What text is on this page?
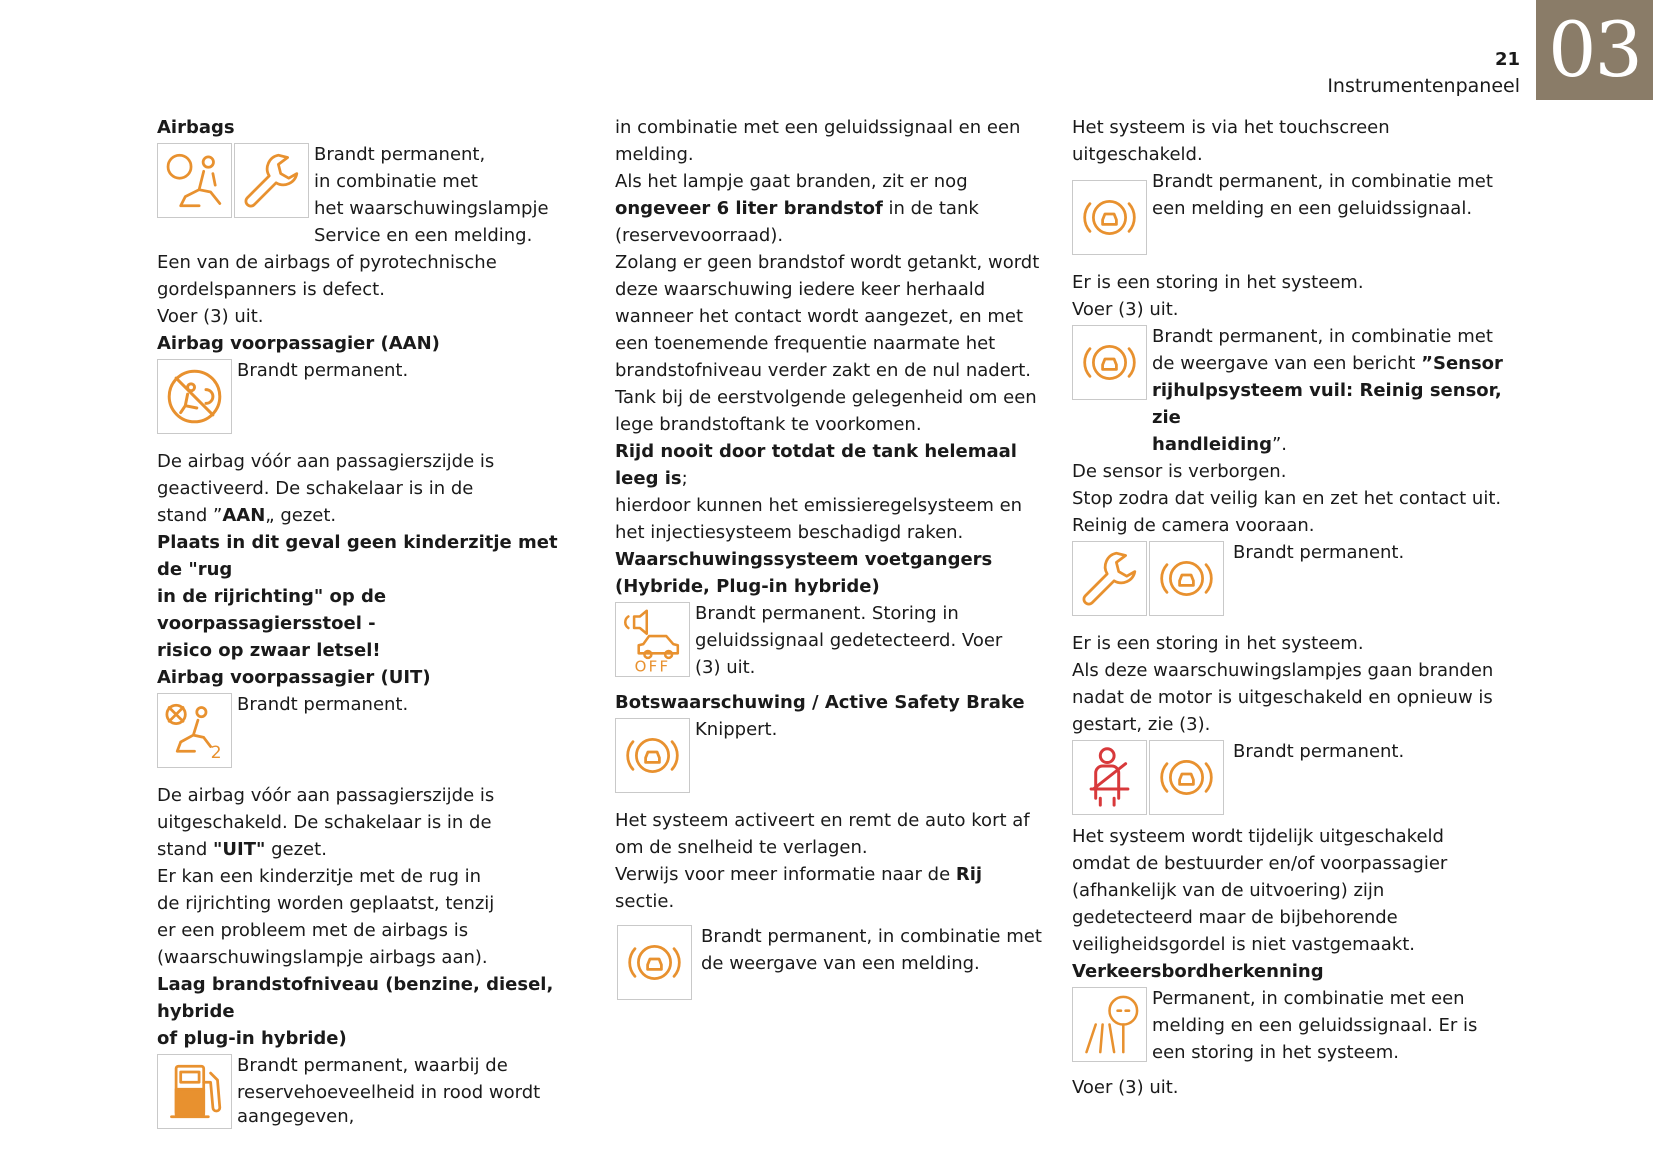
03
21
Instrumentenpaneel

Airbags

Brandt permanent,
in combinatie met
het waarschuwingslampje
Service en een melding.

Een van de airbags of pyrotechnische

gordelspanners is defect.

Voer (3) uit.

Airbag voorpassagier (AAN)

Brandt permanent.

De airbag vóór aan passagierszijde is

geactiveerd. De schakelaar is in de

stand ”AAN„ gezet.

Plaats in dit geval geen kinderzitje met de "rug

in de rijrichting" op de voorpassagiersstoel -

risico op zwaar letsel!

Airbag voorpassagier (UIT)

2
Brandt permanent.

De airbag vóór aan passagierszijde is

uitgeschakeld. De schakelaar is in de

stand "UIT" gezet.

Er kan een kinderzitje met de rug in

de rijrichting worden geplaatst, tenzij

er een probleem met de airbags is

(waarschuwingslampje airbags aan).

Laag brandstofniveau (benzine, diesel, hybride

of plug-in hybride)

Brandt permanent, waarbij de
reservehoeveelheid in rood wordt
aangegeven,

in combinatie met een geluidssignaal en een

melding.

Als het lampje gaat branden, zit er nog

ongeveer 6 liter brandstof in de tank

(reservevoorraad).

Zolang er geen brandstof wordt getankt, wordt

deze waarschuwing iedere keer herhaald

wanneer het contact wordt aangezet, en met

een toenemende frequentie naarmate het

brandstofniveau verder zakt en de nul nadert.

Tank bij de eerstvolgende gelegenheid om een

lege brandstoftank te voorkomen.

Rijd nooit door totdat de tank helemaal leeg is;

hierdoor kunnen het emissieregelsysteem en

het injectiesysteem beschadigd raken.

Waarschuwingssysteem voetgangers

(Hybride, Plug-in hybride)

OFF
Brandt permanent. Storing in
geluidssignaal gedetecteerd. Voer
(3) uit.

Botswaarschuwing / Active Safety Brake

Knippert.

Het systeem activeert en remt de auto kort af

om de snelheid te verlagen.

Verwijs voor meer informatie naar de Rij

sectie.

Brandt permanent, in combinatie met
de weergave van een melding.

Het systeem is via het touchscreen

uitgeschakeld.

Brandt permanent, in combinatie met
een melding en een geluidssignaal.

Er is een storing in het systeem.

Voer (3) uit.

Brandt permanent, in combinatie met
de weergave van een bericht ”Sensor
rijhulpsysteem vuil: Reinig sensor, zie
handleiding”.

De sensor is verborgen.

Stop zodra dat veilig kan en zet het contact uit.

Reinig de camera vooraan.

Brandt permanent.

Er is een storing in het systeem.

Als deze waarschuwingslampjes gaan branden

nadat de motor is uitgeschakeld en opnieuw is

gestart, zie (3).

Brandt permanent.

Het systeem wordt tijdelijk uitgeschakeld

omdat de bestuurder en/of voorpassagier

(afhankelijk van de uitvoering) zijn

gedetecteerd maar de bijbehorende

veiligheidsgordel is niet vastgemaakt.

Verkeersbordherkenning

Permanent, in combinatie met een
melding en een geluidssignaal. Er is
een storing in het systeem.

Voer (3) uit.
